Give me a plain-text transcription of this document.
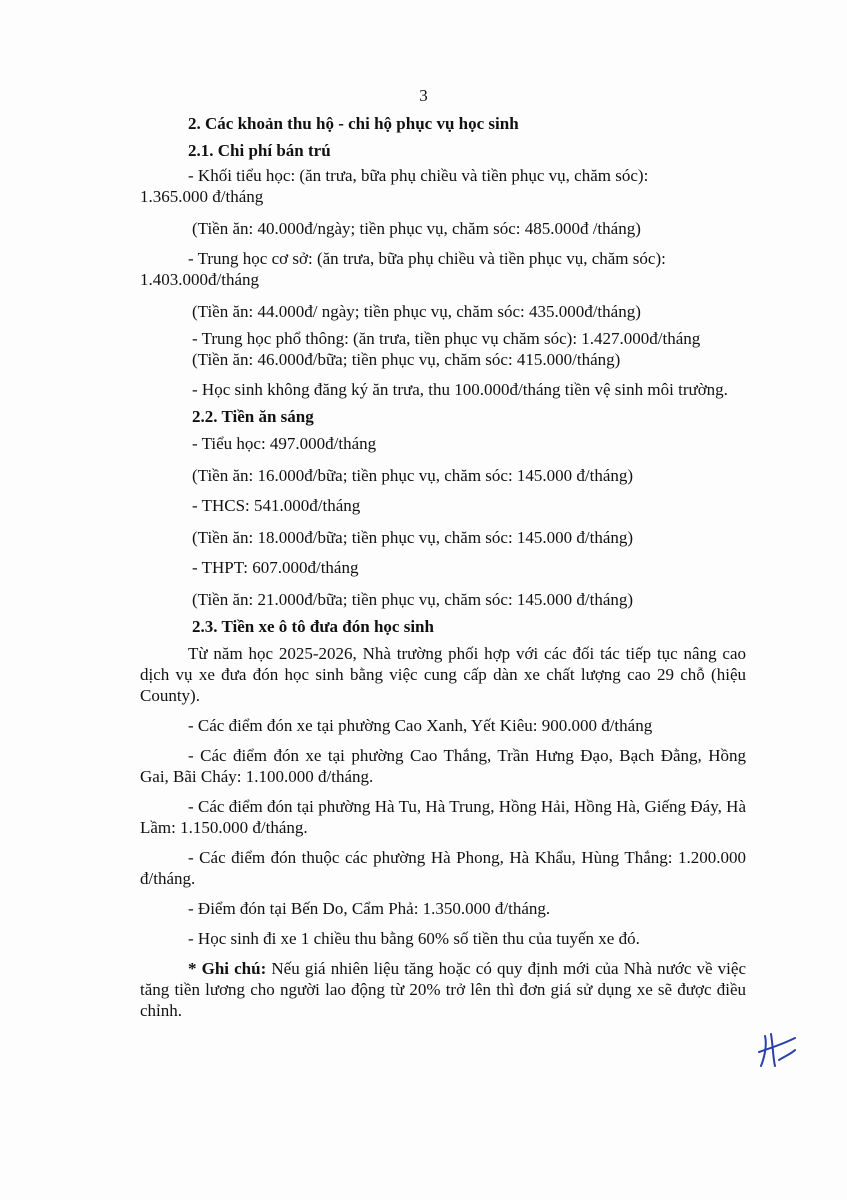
3

2. Các khoản thu hộ - chi hộ phục vụ học sinh

2.1. Chi phí bán trú

- Khối tiểu học: (ăn trưa, bữa phụ chiều và tiền phục vụ, chăm sóc):

1.365.000 đ/tháng

(Tiền ăn: 40.000đ/ngày; tiền phục vụ, chăm sóc: 485.000đ /tháng)

- Trung học cơ sở: (ăn trưa, bữa phụ chiều và tiền phục vụ, chăm sóc):

1.403.000đ/tháng

(Tiền ăn: 44.000đ/ ngày; tiền phục vụ, chăm sóc: 435.000đ/tháng)

- Trung học phổ thông: (ăn trưa, tiền phục vụ chăm sóc): 1.427.000đ/tháng

(Tiền ăn: 46.000đ/bữa; tiền phục vụ, chăm sóc: 415.000/tháng)

- Học sinh không đăng ký ăn trưa, thu 100.000đ/tháng tiền vệ sinh môi trường.

2.2. Tiền ăn sáng

- Tiểu học: 497.000đ/tháng

(Tiền ăn: 16.000đ/bữa; tiền phục vụ, chăm sóc: 145.000 đ/tháng)

- THCS: 541.000đ/tháng

(Tiền ăn: 18.000đ/bữa; tiền phục vụ, chăm sóc: 145.000 đ/tháng)

- THPT: 607.000đ/tháng

(Tiền ăn: 21.000đ/bữa; tiền phục vụ, chăm sóc: 145.000 đ/tháng)

2.3. Tiền xe ô tô đưa đón học sinh

Từ năm học 2025-2026, Nhà trường phối hợp với các đối tác tiếp tục nâng cao dịch vụ xe đưa đón học sinh bằng việc cung cấp dàn xe chất lượng cao 29 chỗ (hiệu County).

- Các điểm đón xe tại phường Cao Xanh, Yết Kiêu: 900.000 đ/tháng

- Các điểm đón xe tại phường Cao Thắng, Trần Hưng Đạo, Bạch Đằng, Hồng Gai, Bãi Cháy: 1.100.000 đ/tháng.

- Các điểm đón tại phường Hà Tu, Hà Trung, Hồng Hải, Hồng Hà, Giếng Đáy, Hà Lầm: 1.150.000 đ/tháng.

- Các điểm đón thuộc các phường Hà Phong, Hà Khẩu, Hùng Thắng: 1.200.000 đ/tháng.

- Điểm đón tại Bến Do, Cẩm Phả: 1.350.000 đ/tháng.

- Học sinh đi xe 1 chiều thu bằng 60% số tiền thu của tuyến xe đó.

* Ghi chú: Nếu giá nhiên liệu tăng hoặc có quy định mới của Nhà nước về việc tăng tiền lương cho người lao động từ 20% trở lên thì đơn giá sử dụng xe sẽ được điều chỉnh.
